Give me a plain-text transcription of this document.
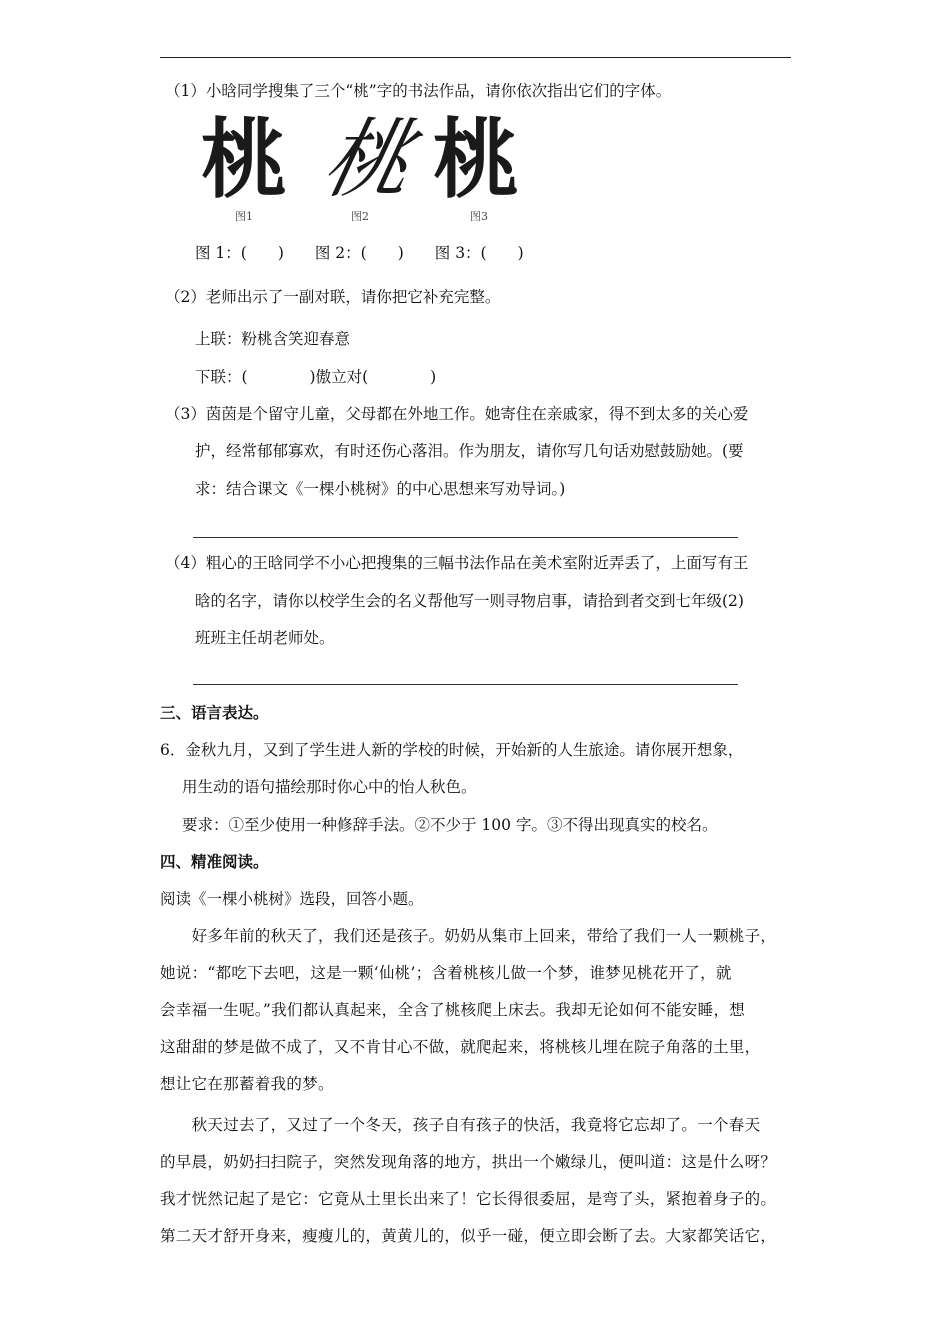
（1）小晗同学搜集了三个“桃”字的书法作品，请你依次指出它们的字体。
桃 桃 桃
图1	图2	图3
图 1：(　　)　　图 2：(　　)　　图 3：(　　)
（2）老师出示了一副对联，请你把它补充完整。
上联：粉桃含笑迎春意
下联：(　　　　)傲立对(　　　　)
（3）茵茵是个留守儿童，父母都在外地工作。她寄住在亲戚家，得不到太多的关心爱
护，经常郁郁寡欢，有时还伤心落泪。作为朋友，请你写几句话劝慰鼓励她。(要
求：结合课文《一棵小桃树》的中心思想来写劝导词。)
（4）粗心的王晗同学不小心把搜集的三幅书法作品在美术室附近弄丢了，上面写有王
晗的名字，请你以校学生会的名义帮他写一则寻物启事，请拾到者交到七年级(2)
班班主任胡老师处。
三、语言表达。
6．金秋九月，又到了学生进人新的学校的时候，开始新的人生旅途。请你展开想象，
用生动的语句描绘那时你心中的怡人秋色。
要求：①至少使用一种修辞手法。②不少于 100 字。③不得出现真实的校名。
四、精准阅读。
阅读《一棵小桃树》选段，回答小题。
　　好多年前的秋天了，我们还是孩子。奶奶从集市上回来，带给了我们一人一颗桃子，
她说：“都吃下去吧，这是一颗‘仙桃’；含着桃核儿做一个梦，谁梦见桃花开了，就
会幸福一生呢。”我们都认真起来，全含了桃核爬上床去。我却无论如何不能安睡，想
这甜甜的梦是做不成了，又不肯甘心不做，就爬起来，将桃核儿埋在院子角落的土里，
想让它在那蓄着我的梦。
　　秋天过去了，又过了一个冬天，孩子自有孩子的快活，我竟将它忘却了。一个春天
的早晨，奶奶扫扫院子，突然发现角落的地方，拱出一个嫩绿儿，便叫道：这是什么呀？
我才恍然记起了是它：它竟从土里长出来了！它长得很委屈，是弯了头，紧抱着身子的。
第二天才舒开身来，瘦瘦儿的，黄黄儿的，似乎一碰，便立即会断了去。大家都笑话它，
